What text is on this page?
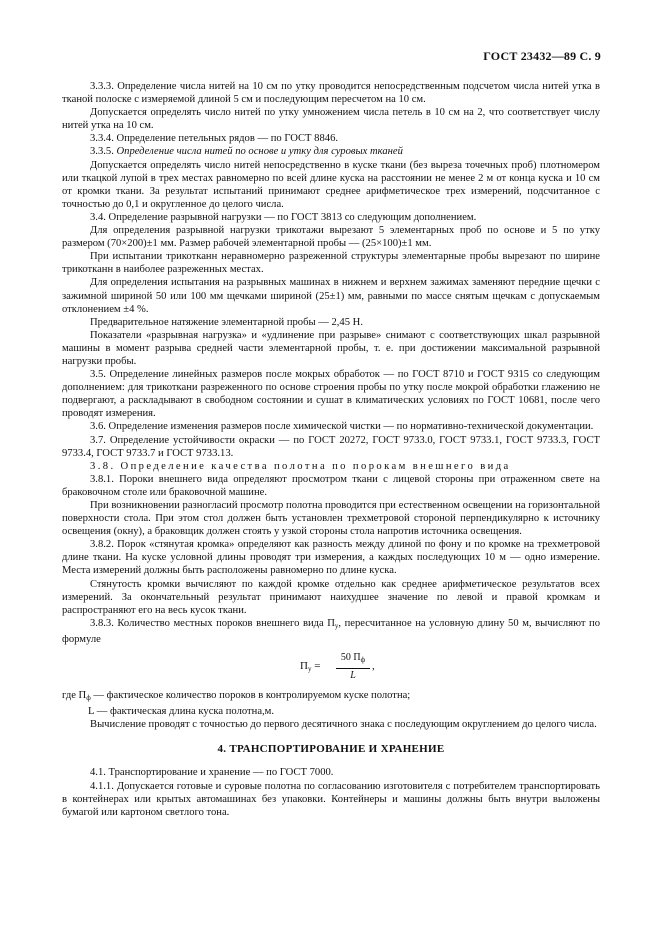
ГОСТ 23432—89 С. 9

3.3.3. Определение числа нитей на 10 см по утку проводится непосредственным подсчетом числа нитей утка в тканой полоске с измеряемой длиной 5 см и последующим пересчетом на 10 см.

Допускается определять число нитей по утку умножением числа петель в 10 см на 2, что соответствует числу нитей утка на 10 см.

3.3.4. Определение петельных рядов — по ГОСТ 8846.

3.3.5. Определение числа нитей по основе и утку для суровых тканей

Допускается определять число нитей непосредственно в куске ткани (без выреза точечных проб) плотномером или ткацкой лупой в трех местах равномерно по всей длине куска на расстоянии не менее 2 м от конца куска и 10 см от кромки ткани. За результат испытаний принимают среднее арифметическое трех измерений, подсчитанное с точностью до 0,1 и округленное до целого числа.

3.4. Определение разрывной нагрузки — по ГОСТ 3813 со следующим дополнением.

Для определения разрывной нагрузки трикотажи вырезают 5 элементарных проб по основе и 5 по утку размером (70×200)±1 мм. Размер рабочей элементарной пробы — (25×100)±1 мм.

При испытании трикотканн неравномерно разреженной структуры элементарные пробы вырезают по ширине трикотканн в наиболее разреженных местах.

Для определения испытания на разрывных машинах в нижнем и верхнем зажимах заменяют передние щечки с зажимной шириной 50 или 100 мм щечками шириной (25±1) мм, равными по массе снятым щечкам с допускаемым отклонением ±4 %.

Предварительное натяжение элементарной пробы — 2,45 Н.

Показатели «разрывная нагрузка» и «удлинение при разрыве» снимают с соответствующих шкал разрывной машины в момент разрыва средней части элементарной пробы, т. е. при достижении максимальной разрывной нагрузки пробы.

3.5. Определение линейных размеров после мокрых обработок — по ГОСТ 8710 и ГОСТ 9315 со следующим дополнением: для трикоткани разреженного по основе строения пробы по утку после мокрой обработки глажению не подвергают, а раскладывают в свободном состоянии и сушат в климатических условиях по ГОСТ 10681, после чего проводят измерения.

3.6. Определение изменения размеров после химической чистки — по нормативно-технической документации.

3.7. Определение устойчивости окраски — по ГОСТ 20272, ГОСТ 9733.0, ГОСТ 9733.1, ГОСТ 9733.3, ГОСТ 9733.4, ГОСТ 9733.7 и ГОСТ 9733.13.

3.8. Определение качества полотна по порокам внешнего вида

3.8.1. Пороки внешнего вида определяют просмотром ткани с лицевой стороны при отраженном свете на браковочном столе или браковочной машине.

При возникновении разногласий просмотр полотна проводится при естественном освещении на горизонтальной поверхности стола. При этом стол должен быть установлен трехметровой стороной перпендикулярно к источнику освещения (окну), а браковщик должен стоять у узкой стороны стола напротив источника освещения.

3.8.2. Порок «стянутая кромка» определяют как разность между длиной по фону и по кромке на трехметровой длине ткани. На куске условной длины проводят три измерения, а каждых последующих 10 м — одно измерение. Места измерений должны быть расположены равномерно по длине куска.

Стянутость кромки вычисляют по каждой кромке отдельно как среднее арифметическое результатов всех измерений. За окончательный результат принимают наихудшее значение по левой и правой кромкам и распространяют его на весь кусок ткани.

3.8.3. Количество местных пороков внешнего вида $П_у$, пересчитанное на условную длину 50 м, вычисляют по формуле

$П_у$ =
50 $П_ф$
L
,

где $П_ф$ — фактическое количество пороков в контролируемом куске полотна;

L — фактическая длина куска полотна,м.

Вычисление проводят с точностью до первого десятичного знака с последующим округлением до целого числа.

4. ТРАНСПОРТИРОВАНИЕ И ХРАНЕНИЕ

4.1. Транспортирование и хранение — по ГОСТ 7000.

4.1.1. Допускается готовые и суровые полотна по согласованию изготовителя с потребителем транспортировать в контейнерах или крытых автомашинах без упаковки. Контейнеры и машины должны быть внутри выложены бумагой или картоном светлого тона.
